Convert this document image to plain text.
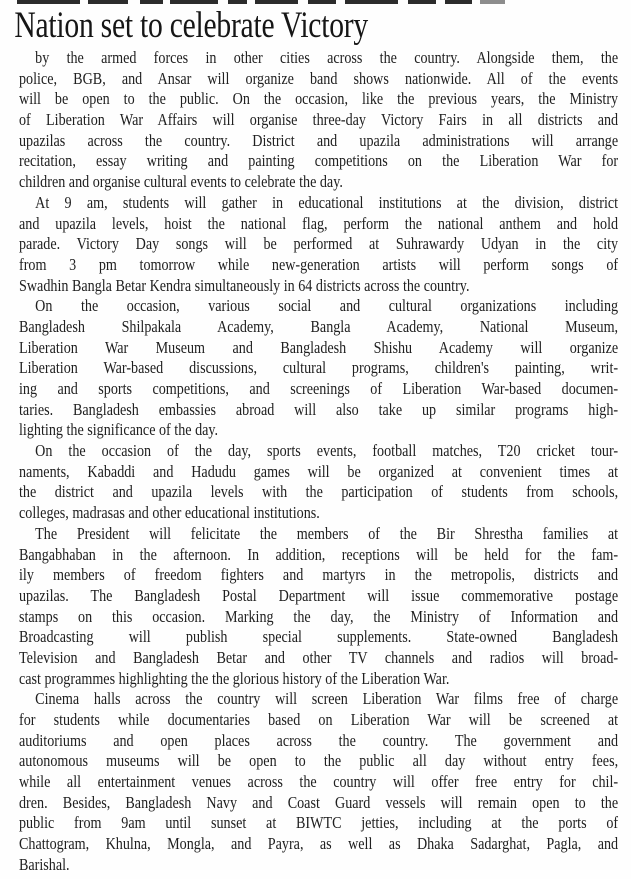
Nation set to celebrate Victory
by the armed forces in other cities across the country. Alongside them, the
police, BGB, and Ansar will organize band shows nationwide. All of the events
will be open to the public. On the occasion, like the previous years, the Ministry
of Liberation War Affairs will organise three-day Victory Fairs in all districts and
upazilas across the country. District and upazila administrations will arrange
recitation, essay writing and painting competitions on the Liberation War for
children and organise cultural events to celebrate the day.
At 9 am, students will gather in educational institutions at the division, district
and upazila levels, hoist the national flag, perform the national anthem and hold
parade. Victory Day songs will be performed at Suhrawardy Udyan in the city
from 3 pm tomorrow while new-generation artists will perform songs of
Swadhin Bangla Betar Kendra simultaneously in 64 districts across the country.
On the occasion, various social and cultural organizations including
Bangladesh Shilpakala Academy, Bangla Academy, National Museum,
Liberation War Museum and Bangladesh Shishu Academy will organize
Liberation War-based discussions, cultural programs, children's painting, writ-
ing and sports competitions, and screenings of Liberation War-based documen-
taries. Bangladesh embassies abroad will also take up similar programs high-
lighting the significance of the day.
On the occasion of the day, sports events, football matches, T20 cricket tour-
naments, Kabaddi and Hadudu games will be organized at convenient times at
the district and upazila levels with the participation of students from schools,
colleges, madrasas and other educational institutions.
The President will felicitate the members of the Bir Shrestha families at
Bangabhaban in the afternoon. In addition, receptions will be held for the fam-
ily members of freedom fighters and martyrs in the metropolis, districts and
upazilas. The Bangladesh Postal Department will issue commemorative postage
stamps on this occasion. Marking the day, the Ministry of Information and
Broadcasting will publish special supplements. State-owned Bangladesh
Television and Bangladesh Betar and other TV channels and radios will broad-
cast programmes highlighting the the glorious history of the Liberation War.
Cinema halls across the country will screen Liberation War films free of charge
for students while documentaries based on Liberation War will be screened at
auditoriums and open places across the country. The government and
autonomous museums will be open to the public all day without entry fees,
while all entertainment venues across the country will offer free entry for chil-
dren. Besides, Bangladesh Navy and Coast Guard vessels will remain open to the
public from 9am until sunset at BIWTC jetties, including at the ports of
Chattogram, Khulna, Mongla, and Payra, as well as Dhaka Sadarghat, Pagla, and
Barishal.
